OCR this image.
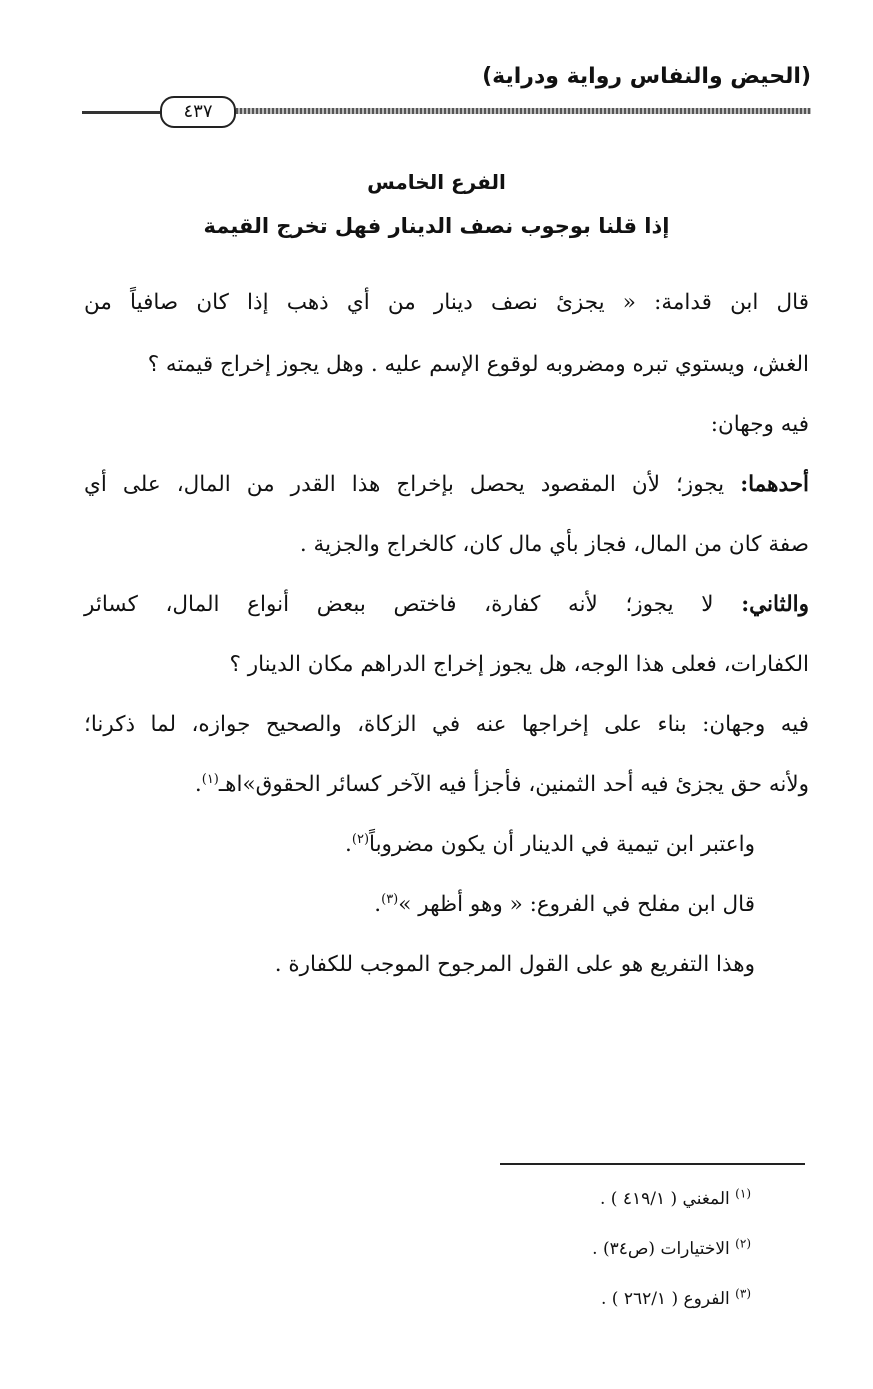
(الحيض والنفاس رواية ودراية)
٤٣٧
الفرع الخامس
إذا قلنا بوجوب نصف الدينار فهل تخرج القيمة
قال ابن قدامة: « يجزئ نصف دينار من أي ذهب إذا كان صافياً من
الغش، ويستوي تبره ومضروبه لوقوع الإسم عليه . وهل يجوز إخراج قيمته ؟
فيه وجهان:
أحدهما: يجوز؛ لأن المقصود يحصل بإخراج هذا القدر من المال، على أي
صفة كان من المال، فجاز بأي مال كان، كالخراج والجزية .
والثاني: لا يجوز؛ لأنه كفارة، فاختص ببعض أنواع المال، كسائر
الكفارات، فعلى هذا الوجه، هل يجوز إخراج الدراهم مكان الدينار ؟
فيه وجهان: بناء على إخراجها عنه في الزكاة، والصحيح جوازه، لما ذكرنا؛
ولأنه حق يجزئ فيه أحد الثمنين، فأجزأ فيه الآخر كسائر الحقوق»اهـ$^{(١)}$.
واعتبر ابن تيمية في الدينار أن يكون مضروباً$^{(٢)}$.
قال ابن مفلح في الفروع: « وهو أظهر »$^{(٣)}$.
وهذا التفريع هو على القول المرجوح الموجب للكفارة .
$^{(١)}$ المغني ( ٤١٩/١ ) .
$^{(٢)}$ الاختيارات (ص٣٤) .
$^{(٣)}$ الفروع ( ٢٦٢/١ ) .
